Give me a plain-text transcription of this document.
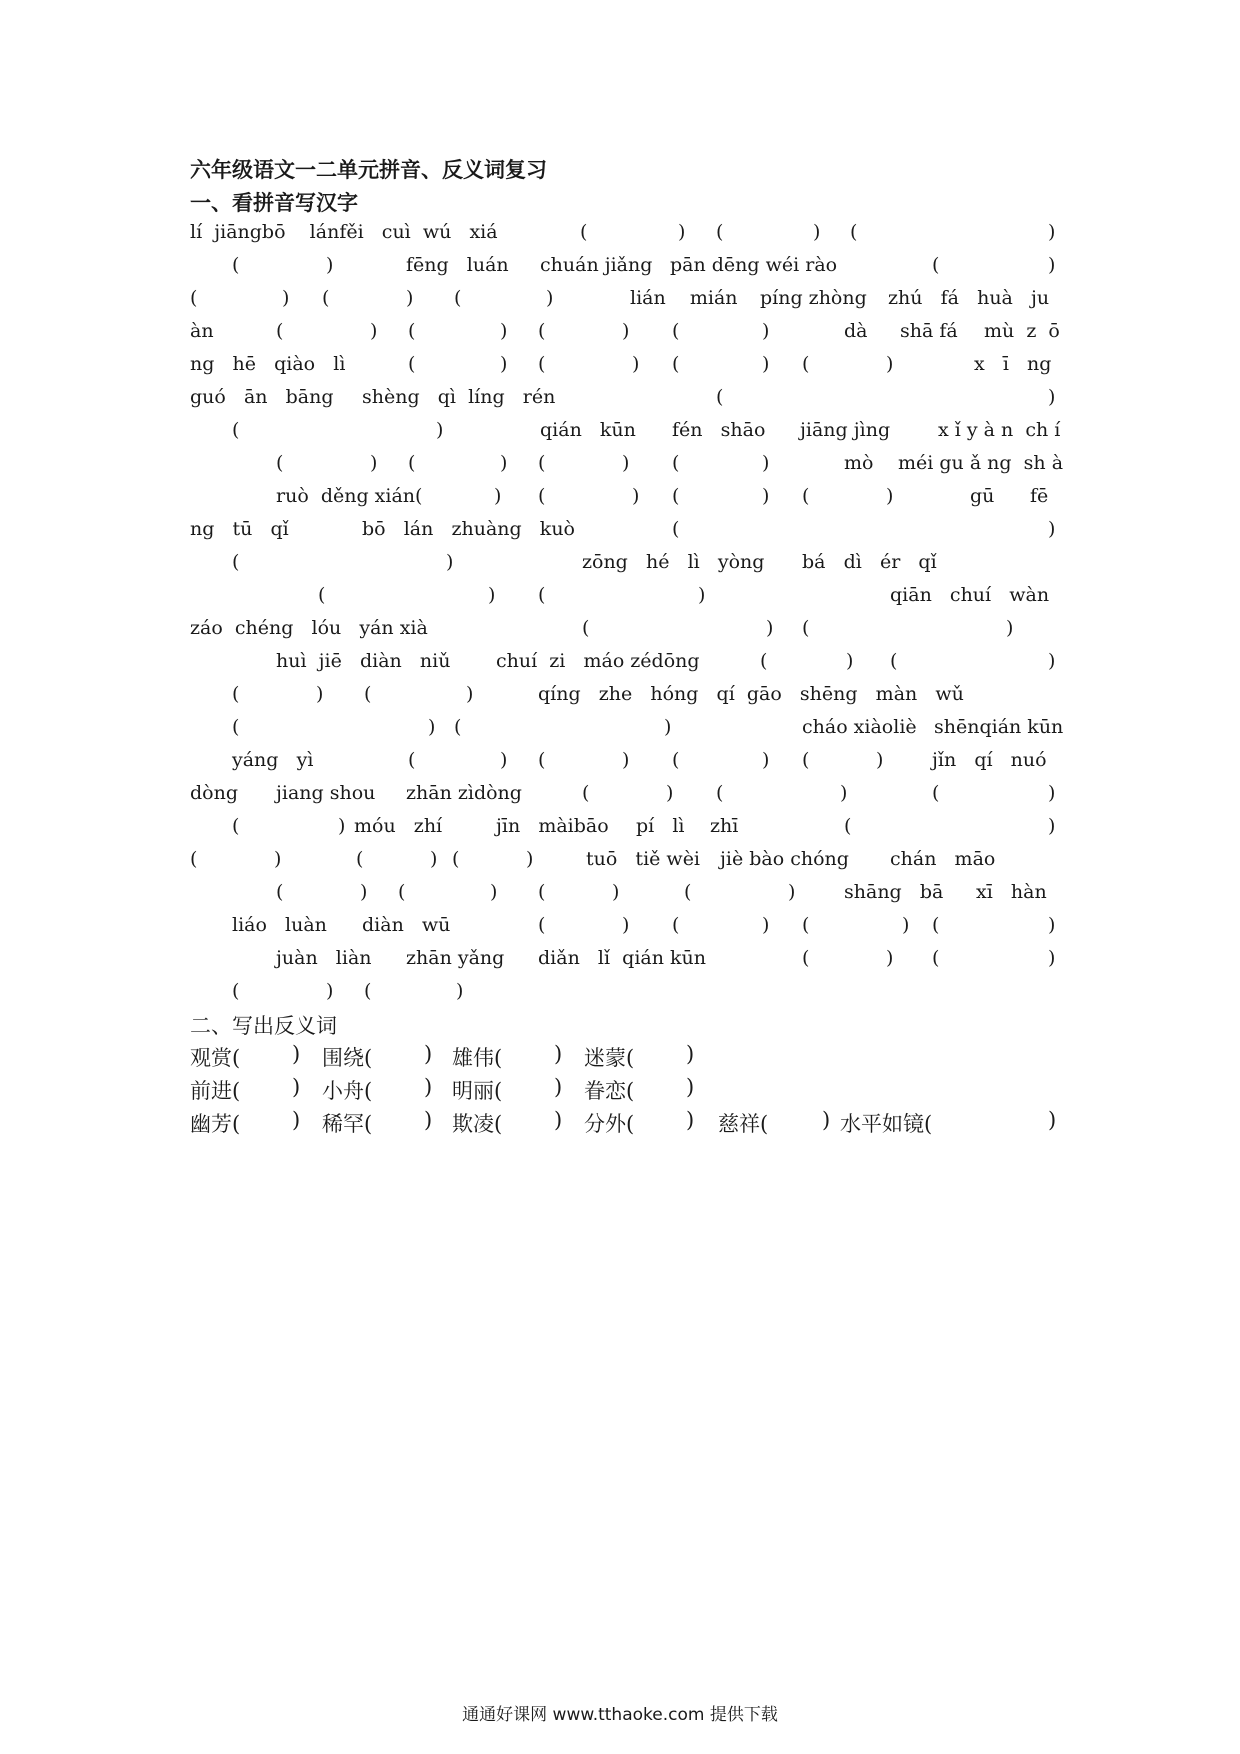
六年级语文一二单元拼音、反义词复习
一、看拼音写汉字
lí  jiāngbō    lánfěi   cuì  wú   xiá	(	) (	) (	)
(	)	fēng   luán chuán jiǎng pān dēng wéi rào	(	)
(	) (	) (	)	lián    mián píng zhòng zhú   fá   huà   ju
àn	(	) (	) (	) (	)	dà shā fá mù  z  ō
ng   hē   qiào   lì	(	) (	) (	) (	)	x   ī   ng
guó   ān   bāng shèng   qì  líng   rén	(	)
(	)	qián   kūn fén   shāo jiāng jìng	x ǐ y à n  ch í
(	) (	) (	) (	)	mò méi gu ǎ ng  sh à
ruò  děng xián(	) (	) (	) (	)	gū fē
ng   tū   qǐ	bō   lán   zhuàng   kuò	(	)
(	)	zōng   hé   lì   yòng bá   dì   ér   qǐ
(	) (	)	qiān   chuí   wàn
záo  chéng   lóu   yán xià	(	) (	)
huì  jiē   diàn   niǔ chuí  zi   máo zédōng	(	) (	)
(	) (	)	qíng   zhe   hóng   qí  gāo   shēng   màn   wǔ
(	) (	)	cháo xiàoliè shēnqián kūn
yáng   yì	(	) (	) (	) (	)	jǐn   qí   nuó
dòng jiang shou zhān zìdòng	(	) (	)	(	)
(	) móu   zhí	jīn   màibāo pí   lì zhī	(	)
(	)	(	) (	)	tuō   tiě wèi jiè bào chóng chán   māo
(	) (	) (	)	(	)	shāng   bā xī   hàn
liáo   luàn diàn   wū	(	) (	) (	) (	)
juàn   liàn zhān yǎng diǎn   lǐ  qián kūn	(	) (	)
(	) (	)
二、写出反义词
观赏( ) 围绕( ) 雄伟( ) 迷蒙( )
前进( ) 小舟( ) 明丽( ) 眷恋( )
幽芳( ) 稀罕( ) 欺凌( ) 分外( ) 慈祥(	) 水平如镜(	)
通通好课网 www.tthaoke.com 提供下载
